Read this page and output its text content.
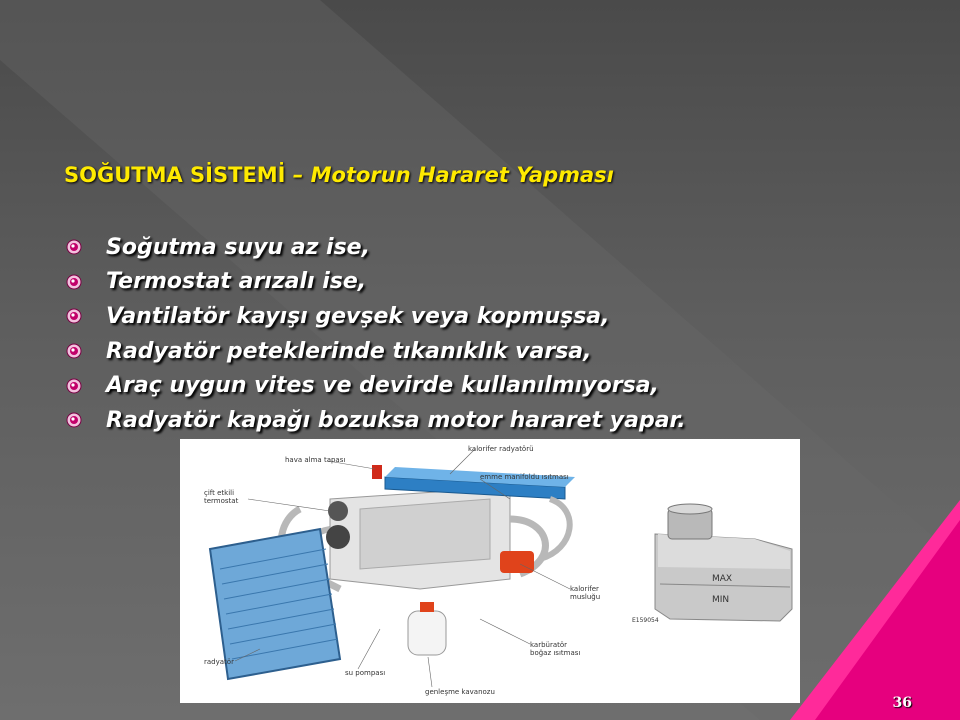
SOĞUTMA SİSTEMİ – Motorun Hararet Yapması

Soğutma suyu az ise,
Termostat arızalı ise,
Vantilatör kayışı gevşek veya kopmuşsa,
Radyatör peteklerinde tıkanıklık varsa,
Araç uygun vites ve devirde kullanılmıyorsa,
Radyatör kapağı bozuksa motor hararet yapar.
MAX
MIN
hava alma tapası
kalorifer radyatörü
çift etkili
termostat
emme manifoldu ısıtması
kalorifer
musluğu
karbüratör
boğaz ısıtması
radyatör
su pompası
genleşme kavanozu
E159054
36
